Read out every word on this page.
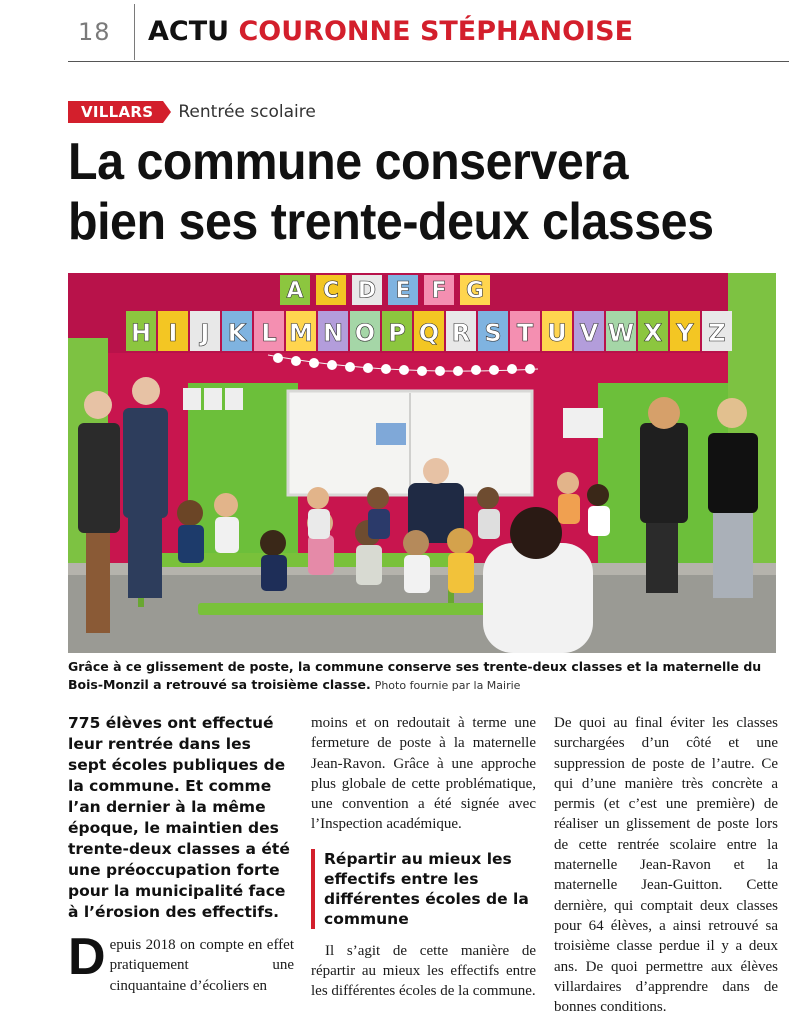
18 ACTU COURONNE STÉPHANOISE
VILLARS	Rentrée scolaire
La commune conservera bien ses trente-deux classes
A C D E F G
H I J K L M N O P Q R S T U V W X Y Z
Grâce à ce glissement de poste, la commune conserve ses trente-deux classes et la maternelle du Bois-Monzil a retrouvé sa troisième classe. Photo fournie par la Mairie

775 élèves ont effectué leur rentrée dans les sept écoles publiques de la commune. Et comme l’an dernier à la même époque, le maintien des trente-deux classes a été une préoccupation forte pour la municipalité face à l’érosion des effectifs.

D epuis 2018 on compte en effet pratiquement une cinquantaine d’écoliers en

moins et on redoutait à terme une fermeture de poste à la maternelle Jean-Ravon. Grâce à une approche plus globale de cette problématique, une convention a été signée avec l’Inspection académique.

Répartir au mieux les effectifs entre les différentes écoles de la commune

Il s’agit de cette manière de répartir au mieux les effectifs entre les différentes écoles de la commune.

De quoi au final éviter les classes surchargées d’un côté et une suppression de poste de l’autre. Ce qui d’une manière très concrète a permis (et c’est une première) de réaliser un glissement de poste lors de cette rentrée scolaire entre la maternelle Jean-Ravon et la maternelle Jean-Guitton. Cette dernière, qui comptait deux classes pour 64 élèves, a ainsi retrouvé sa troisième classe perdue il y a deux ans. De quoi permettre aux élèves villardaires d’apprendre dans de bonnes conditions.
